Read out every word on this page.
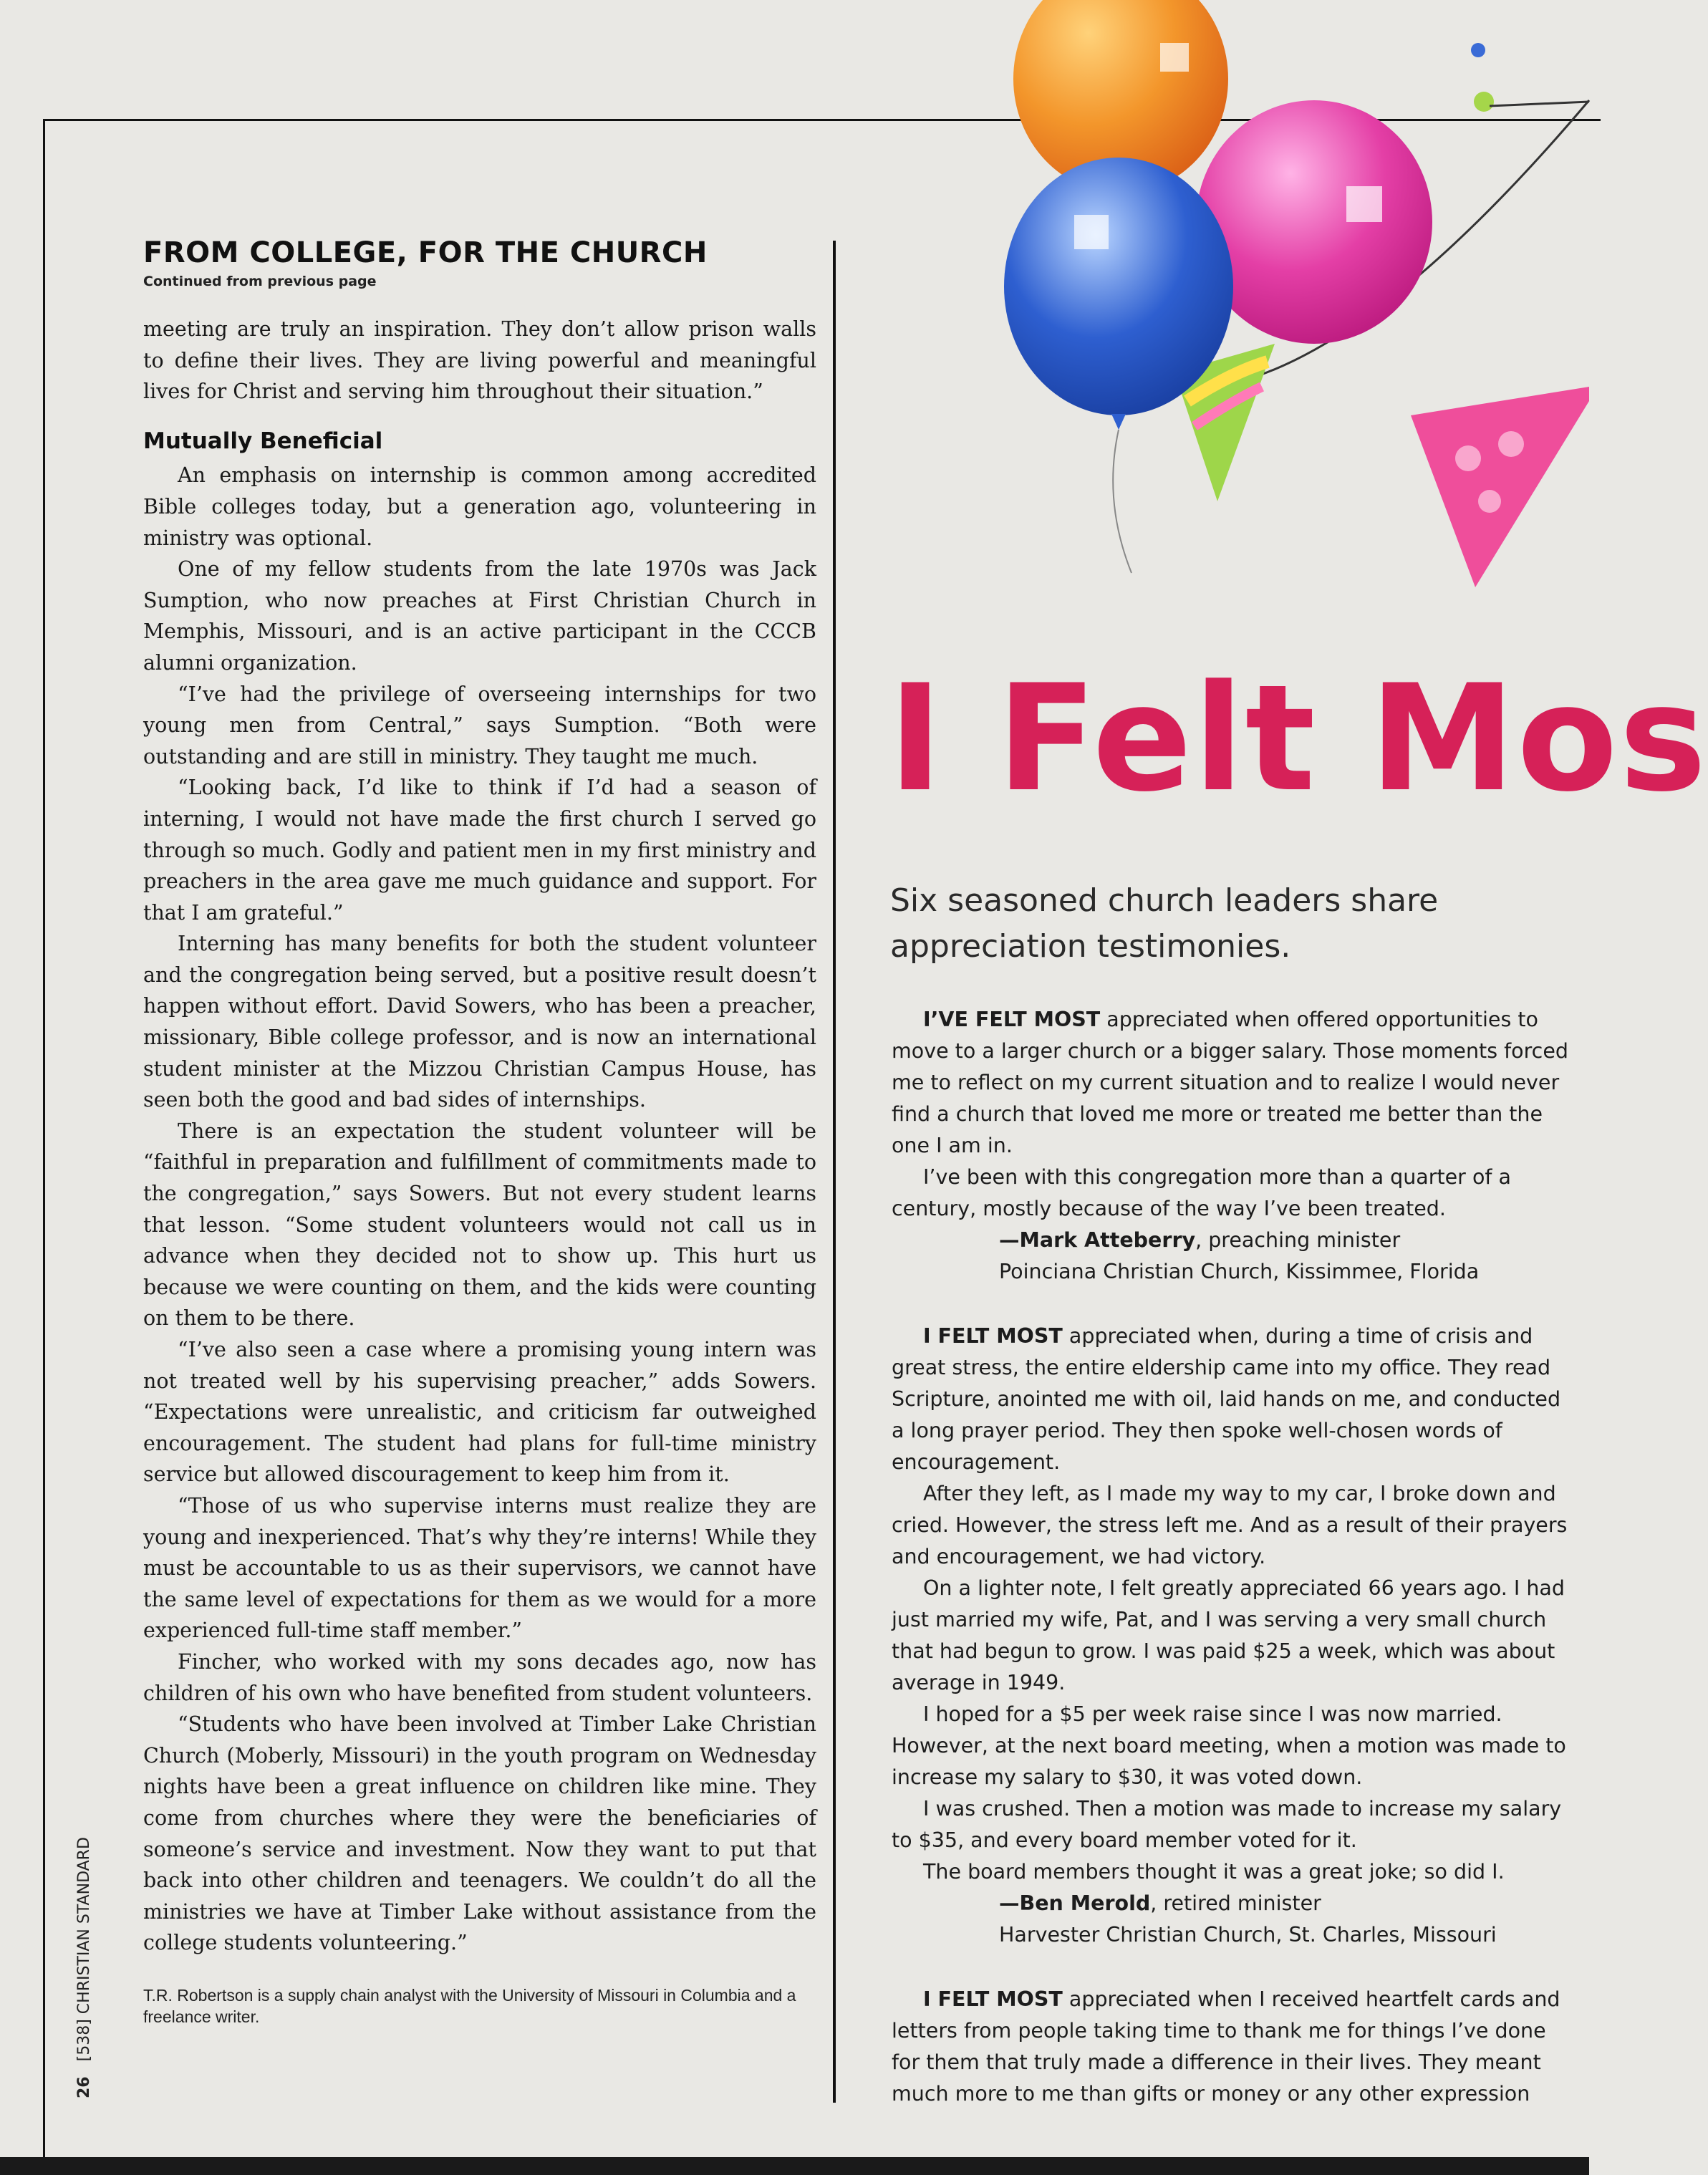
FROM COLLEGE, FOR THE CHURCH
Continued from previous page

meeting are truly an inspiration. They don’t allow prison walls to define their lives. They are living powerful and meaningful lives for Christ and serving him throughout their situation.”

Mutually Beneficial

An emphasis on internship is common among accredited Bible colleges today, but a generation ago, volunteering in ministry was optional.

One of my fellow students from the late 1970s was Jack Sumption, who now preaches at First Christian Church in Memphis, Missouri, and is an active participant in the CCCB alumni organization.

“I’ve had the privilege of overseeing internships for two young men from Central,” says Sumption. “Both were outstanding and are still in ministry. They taught me much.

“Looking back, I’d like to think if I’d had a season of interning, I would not have made the first church I served go through so much. Godly and patient men in my first ministry and preachers in the area gave me much guidance and support. For that I am grateful.”

Interning has many benefits for both the student volunteer and the congregation being served, but a positive result doesn’t happen without effort. David Sowers, who has been a preacher, missionary, Bible college professor, and is now an international student minister at the Mizzou Christian Campus House, has seen both the good and bad sides of internships.

There is an expectation the student volunteer will be “faithful in preparation and fulfillment of commitments made to the congregation,” says Sowers. But not every student learns that lesson. “Some student volunteers would not call us in advance when they decided not to show up. This hurt us because we were counting on them, and the kids were counting on them to be there.

“I’ve also seen a case where a promising young intern was not treated well by his supervising preacher,” adds Sowers. “Expectations were unrealistic, and criticism far outweighed encouragement. The student had plans for full-time ministry service but allowed discouragement to keep him from it.

“Those of us who supervise interns must realize they are young and inexperienced. That’s why they’re interns! While they must be accountable to us as their supervisors, we cannot have the same level of expectations for them as we would for a more experienced full-time staff member.”

Fincher, who worked with my sons decades ago, now has children of his own who have benefited from student volunteers.

“Students who have been involved at Timber Lake Christian Church (Moberly, Missouri) in the youth program on Wednesday nights have been a great influence on children like mine. They come from churches where they were the beneficiaries of someone’s service and investment. Now they want to put that back into other children and teenagers. We couldn’t do all the ministries we have at Timber Lake without assistance from the college students volunteering.”

T.R. Robertson is a supply chain analyst with the University of Missouri in Columbia and a freelance writer.
26 [538] CHRISTIAN STANDARD
I Felt Mos
Six seasoned church leaders share appreciation testimonies.

I’VE FELT MOST appreciated when offered opportunities to move to a larger church or a bigger salary. Those moments forced me to reflect on my current situation and to realize I would never find a church that loved me more or treated me better than the one I am in.

I’ve been with this congregation more than a quarter of a century, mostly because of the way I’ve been treated.

—Mark Atteberry, preaching minister
Poinciana Christian Church, Kissimmee, Florida

I FELT MOST appreciated when, during a time of crisis and great stress, the entire eldership came into my office. They read Scripture, anointed me with oil, laid hands on me, and conducted a long prayer period. They then spoke well-chosen words of encouragement.

After they left, as I made my way to my car, I broke down and cried. However, the stress left me. And as a result of their prayers and encouragement, we had victory.

On a lighter note, I felt greatly appreciated 66 years ago. I had just married my wife, Pat, and I was serving a very small church that had begun to grow. I was paid $25 a week, which was about average in 1949.

I hoped for a $5 per week raise since I was now married. However, at the next board meeting, when a motion was made to increase my salary to $30, it was voted down.

I was crushed. Then a motion was made to increase my salary to $35, and every board member voted for it.

The board members thought it was a great joke; so did I.

—Ben Merold, retired minister
Harvester Christian Church, St. Charles, Missouri

I FELT MOST appreciated when I received heartfelt cards and letters from people taking time to thank me for things I’ve done for them that truly made a difference in their lives. They meant much more to me than gifts or money or any other expression
